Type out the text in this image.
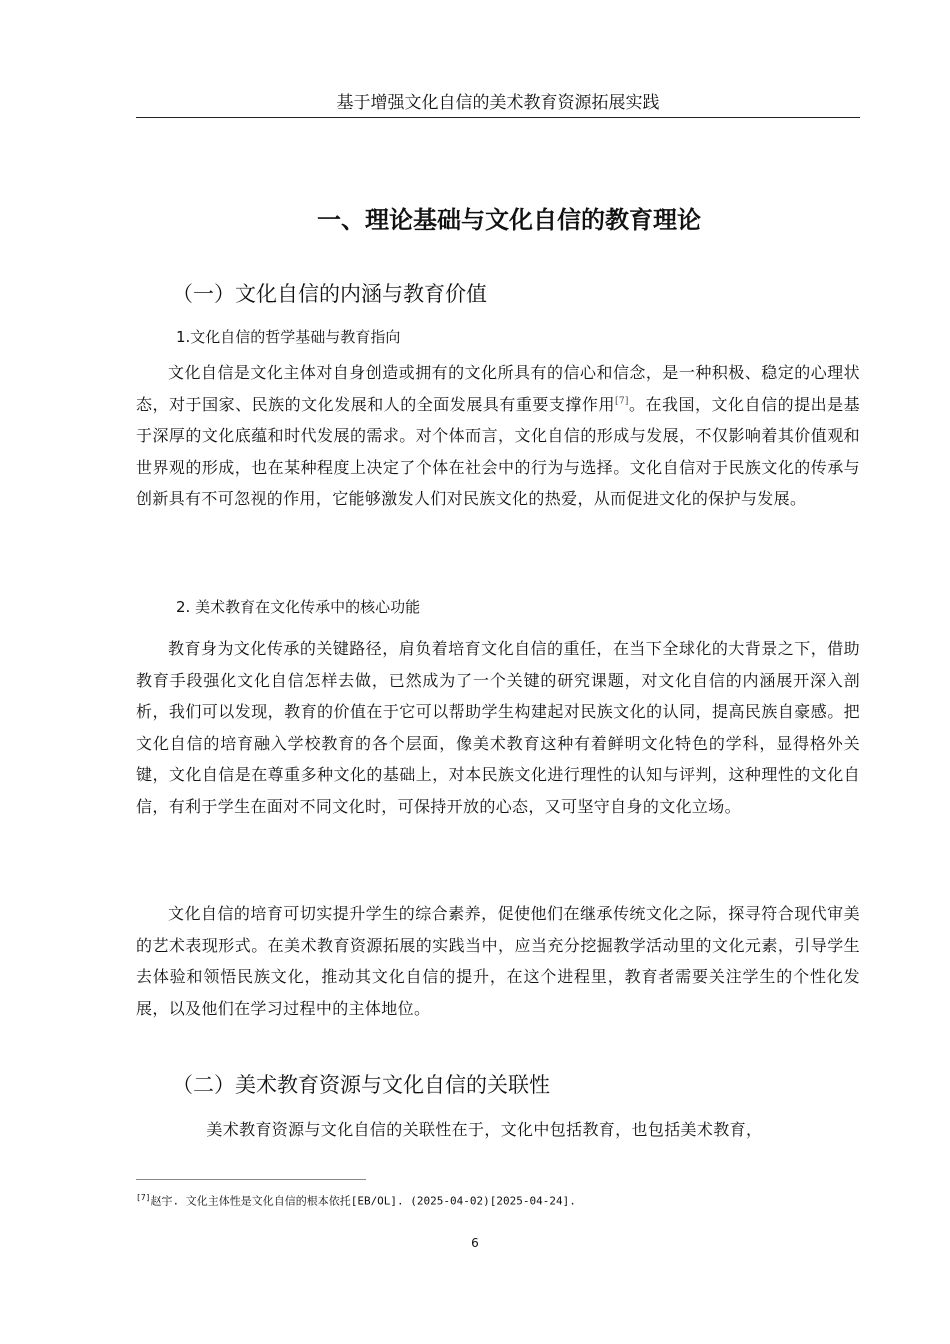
基于增强文化自信的美术教育资源拓展实践
一、理论基础与文化自信的教育理论
（一）文化自信的内涵与教育价值
1.文化自信的哲学基础与教育指向

文化自信是文化主体对自身创造或拥有的文化所具有的信心和信念，是一种积极、稳定的心理状态，对于国家、民族的文化发展和人的全面发展具有重要支撑作用[7]。在我国，文化自信的提出是基于深厚的文化底蕴和时代发展的需求。对个体而言，文化自信的形成与发展，不仅影响着其价值观和世界观的形成，也在某种程度上决定了个体在社会中的行为与选择。文化自信对于民族文化的传承与创新具有不可忽视的作用，它能够激发人们对民族文化的热爱，从而促进文化的保护与发展。

2. 美术教育在文化传承中的核心功能

教育身为文化传承的关键路径，肩负着培育文化自信的重任，在当下全球化的大背景之下，借助教育手段强化文化自信怎样去做，已然成为了一个关键的研究课题，对文化自信的内涵展开深入剖析，我们可以发现，教育的价值在于它可以帮助学生构建起对民族文化的认同，提高民族自豪感。把文化自信的培育融入学校教育的各个层面，像美术教育这种有着鲜明文化特色的学科，显得格外关键，文化自信是在尊重多种文化的基础上，对本民族文化进行理性的认知与评判，这种理性的文化自信，有利于学生在面对不同文化时，可保持开放的心态，又可坚守自身的文化立场。

文化自信的培育可切实提升学生的综合素养，促使他们在继承传统文化之际，探寻符合现代审美的艺术表现形式。在美术教育资源拓展的实践当中，应当充分挖掘教学活动里的文化元素，引导学生去体验和领悟民族文化，推动其文化自信的提升，在这个进程里，教育者需要关注学生的个性化发展，以及他们在学习过程中的主体地位。

（二）美术教育资源与文化自信的关联性

美术教育资源与文化自信的关联性在于，文化中包括教育，也包括美术教育，

[7]赵宇. 文化主体性是文化自信的根本依托[EB/OL]. (2025-04-02)[2025-04-24].
6
